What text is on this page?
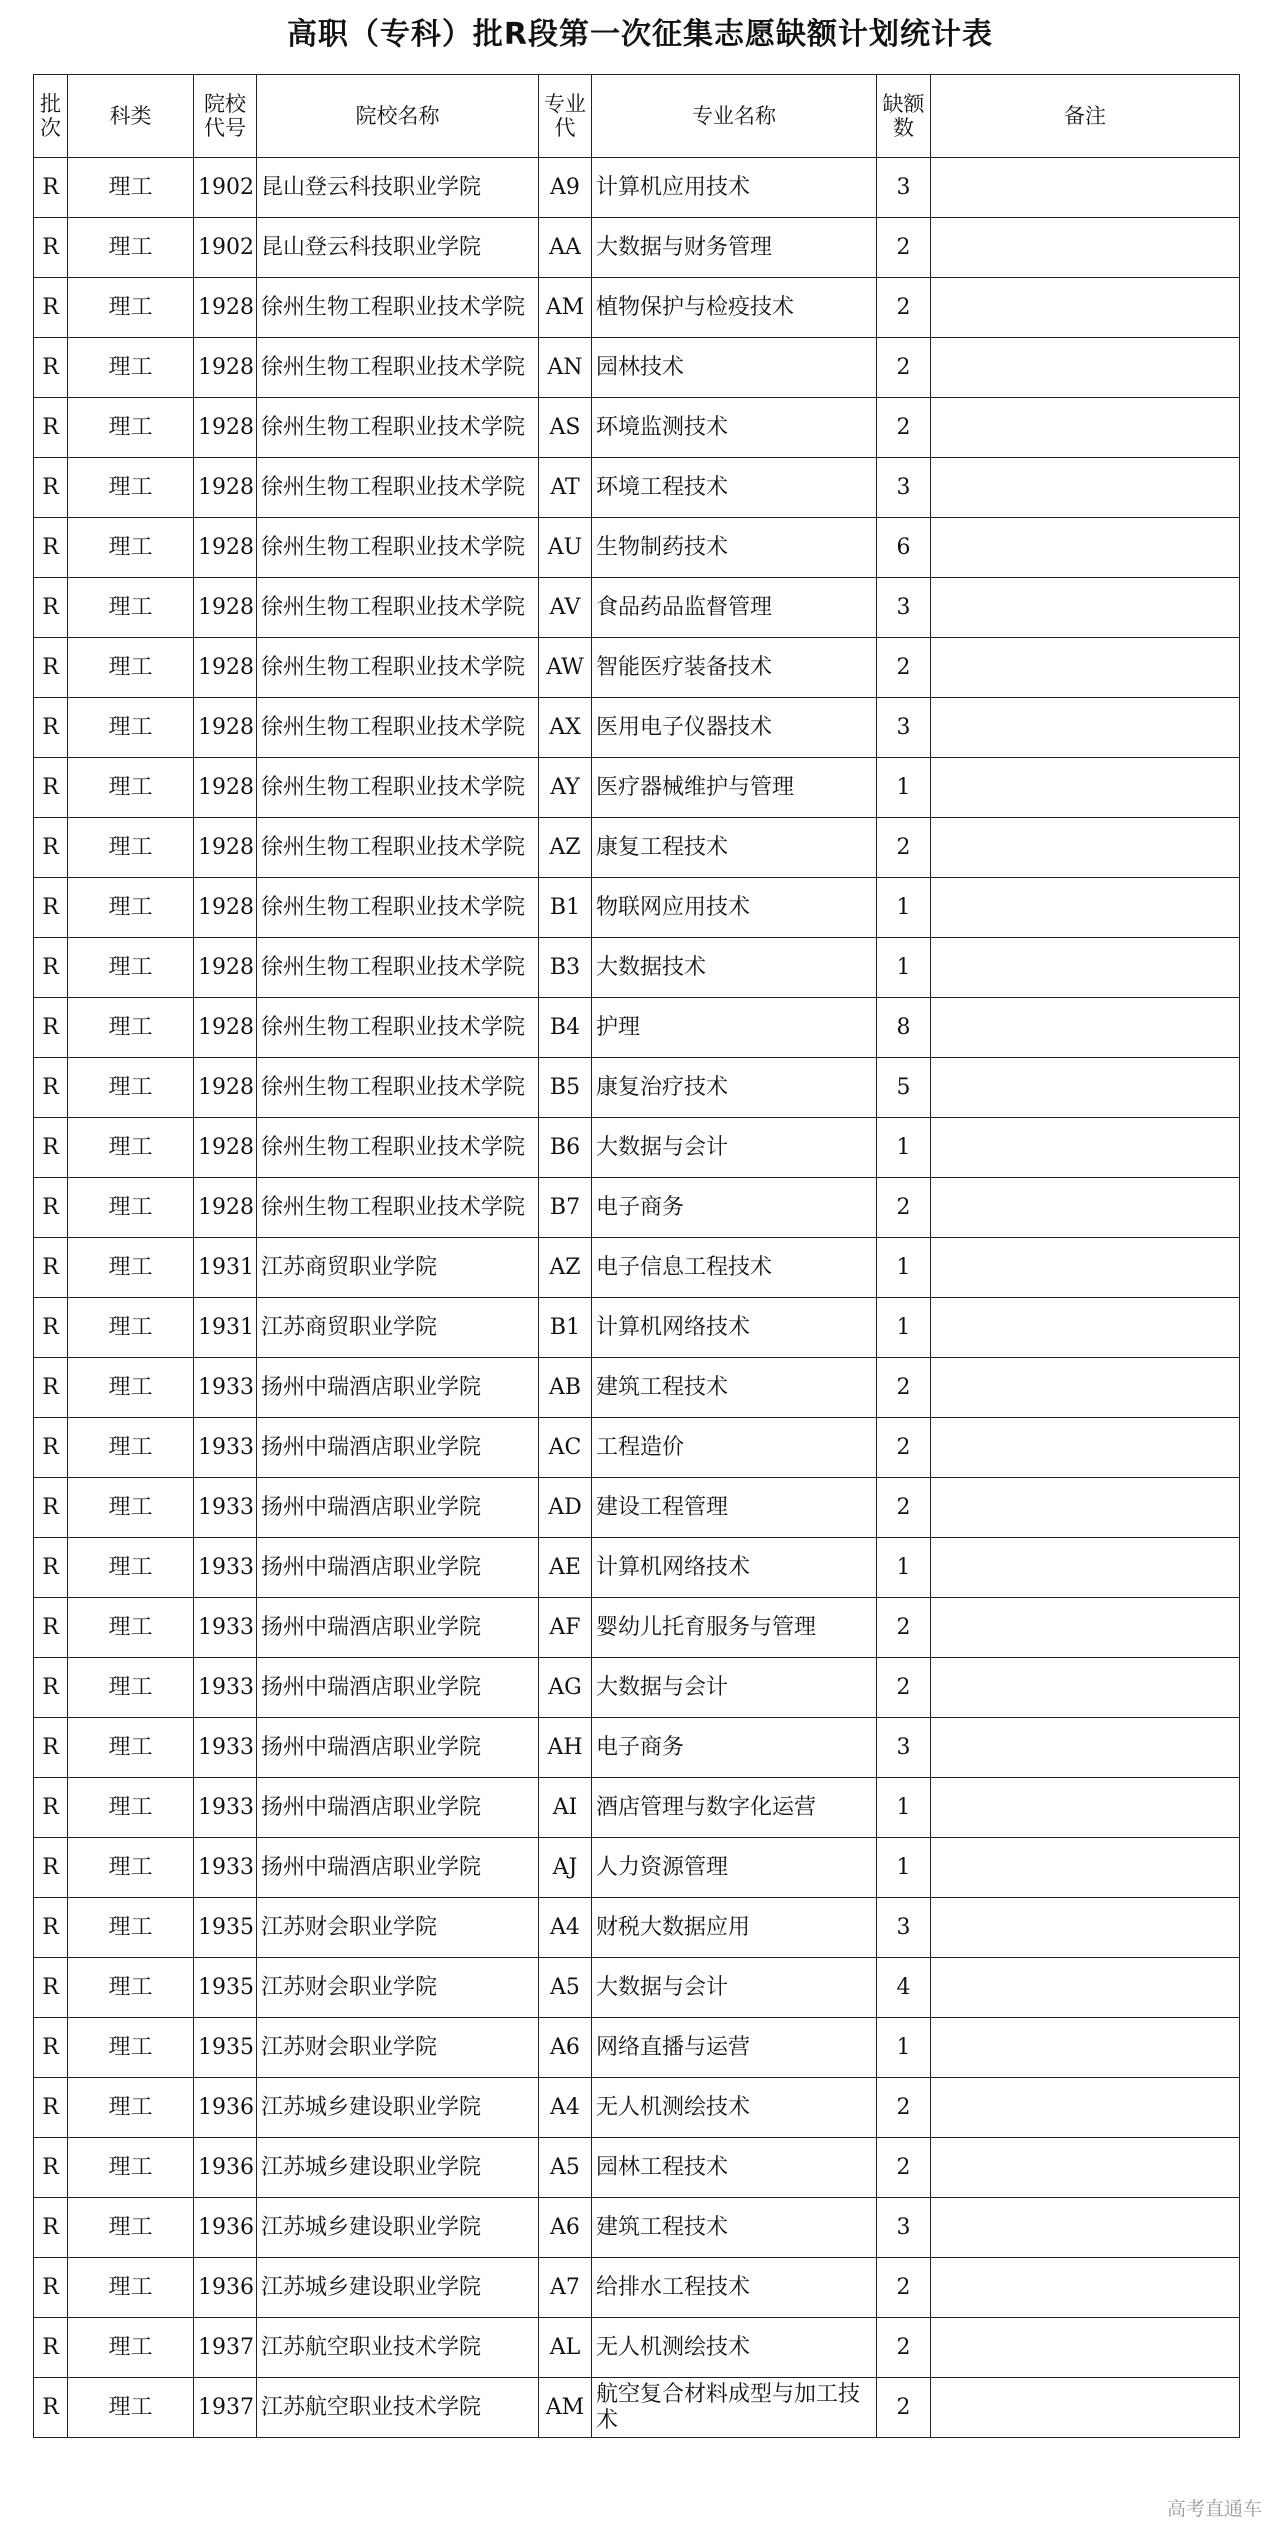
高职（专科）批R段第一次征集志愿缺额计划统计表
批次	科类	院校代号	院校名称	专业代	专业名称	缺额数	备注
R	理工	1902	昆山登云科技职业学院	A9	计算机应用技术	3	
R	理工	1902	昆山登云科技职业学院	AA	大数据与财务管理	2	
R	理工	1928	徐州生物工程职业技术学院	AM	植物保护与检疫技术	2	
R	理工	1928	徐州生物工程职业技术学院	AN	园林技术	2	
R	理工	1928	徐州生物工程职业技术学院	AS	环境监测技术	2	
R	理工	1928	徐州生物工程职业技术学院	AT	环境工程技术	3	
R	理工	1928	徐州生物工程职业技术学院	AU	生物制药技术	6	
R	理工	1928	徐州生物工程职业技术学院	AV	食品药品监督管理	3	
R	理工	1928	徐州生物工程职业技术学院	AW	智能医疗装备技术	2	
R	理工	1928	徐州生物工程职业技术学院	AX	医用电子仪器技术	3	
R	理工	1928	徐州生物工程职业技术学院	AY	医疗器械维护与管理	1	
R	理工	1928	徐州生物工程职业技术学院	AZ	康复工程技术	2	
R	理工	1928	徐州生物工程职业技术学院	B1	物联网应用技术	1	
R	理工	1928	徐州生物工程职业技术学院	B3	大数据技术	1	
R	理工	1928	徐州生物工程职业技术学院	B4	护理	8	
R	理工	1928	徐州生物工程职业技术学院	B5	康复治疗技术	5	
R	理工	1928	徐州生物工程职业技术学院	B6	大数据与会计	1	
R	理工	1928	徐州生物工程职业技术学院	B7	电子商务	2	
R	理工	1931	江苏商贸职业学院	AZ	电子信息工程技术	1	
R	理工	1931	江苏商贸职业学院	B1	计算机网络技术	1	
R	理工	1933	扬州中瑞酒店职业学院	AB	建筑工程技术	2	
R	理工	1933	扬州中瑞酒店职业学院	AC	工程造价	2	
R	理工	1933	扬州中瑞酒店职业学院	AD	建设工程管理	2	
R	理工	1933	扬州中瑞酒店职业学院	AE	计算机网络技术	1	
R	理工	1933	扬州中瑞酒店职业学院	AF	婴幼儿托育服务与管理	2	
R	理工	1933	扬州中瑞酒店职业学院	AG	大数据与会计	2	
R	理工	1933	扬州中瑞酒店职业学院	AH	电子商务	3	
R	理工	1933	扬州中瑞酒店职业学院	AI	酒店管理与数字化运营	1	
R	理工	1933	扬州中瑞酒店职业学院	AJ	人力资源管理	1	
R	理工	1935	江苏财会职业学院	A4	财税大数据应用	3	
R	理工	1935	江苏财会职业学院	A5	大数据与会计	4	
R	理工	1935	江苏财会职业学院	A6	网络直播与运营	1	
R	理工	1936	江苏城乡建设职业学院	A4	无人机测绘技术	2	
R	理工	1936	江苏城乡建设职业学院	A5	园林工程技术	2	
R	理工	1936	江苏城乡建设职业学院	A6	建筑工程技术	3	
R	理工	1936	江苏城乡建设职业学院	A7	给排水工程技术	2	
R	理工	1937	江苏航空职业技术学院	AL	无人机测绘技术	2	
R	理工	1937	江苏航空职业技术学院	AM	航空复合材料成型与加工技术	2	
高考直通车
